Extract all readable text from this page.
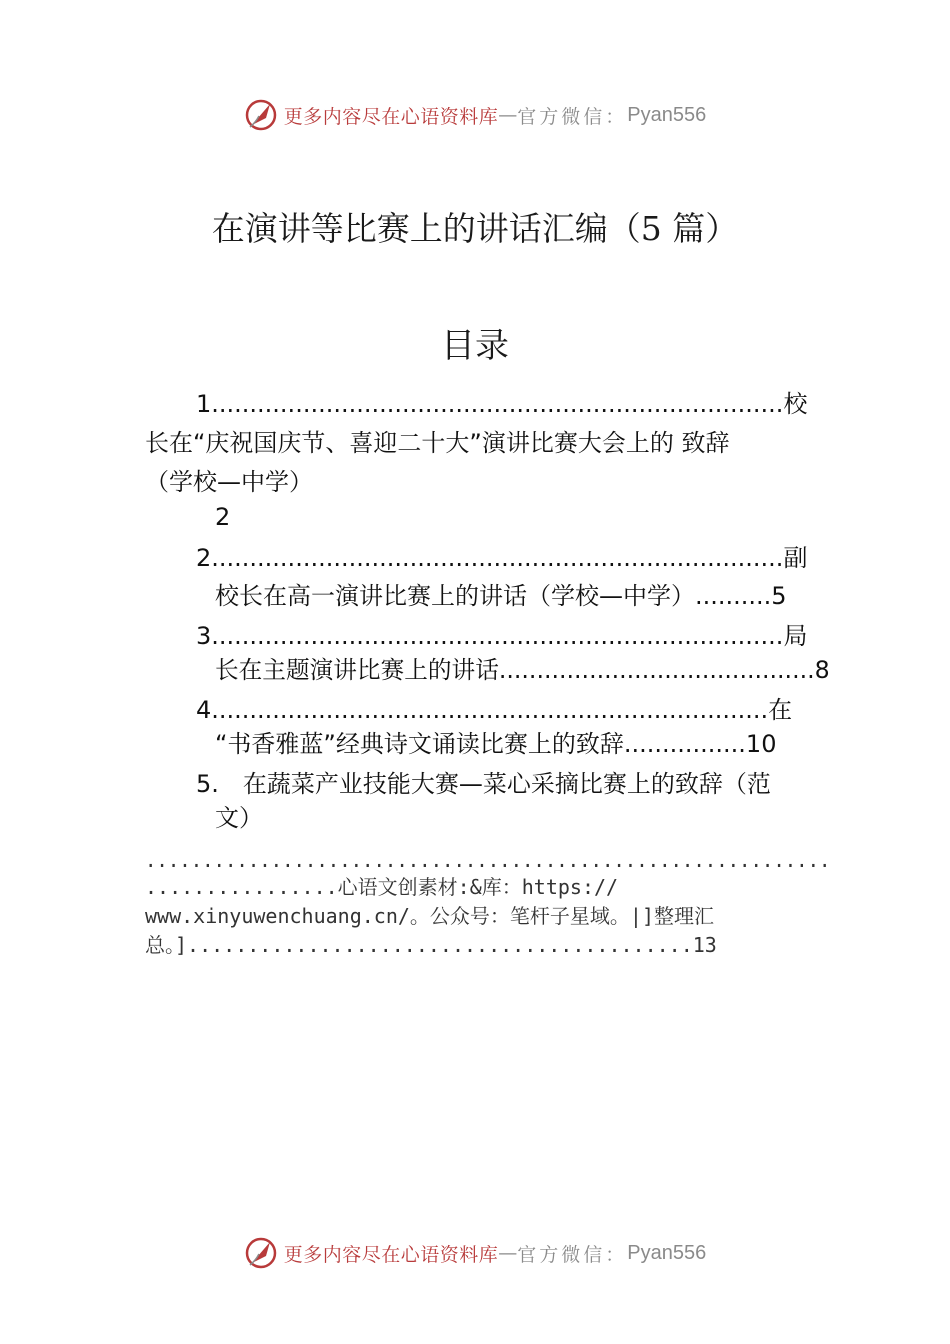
更多内容尽在心语资料库 — 官方微信： Pyan556
在演讲等比赛上的讲话汇编（5 篇）
目录
1...........................................................................校
长在“庆祝国庆节、喜迎二十大”演讲比赛大会上的 致辞
（学校—中学）
2
2...........................................................................副
校长在高一演讲比赛上的讲话（学校—中学）..........5
3...........................................................................局
长在主题演讲比赛上的讲话..........................................8
4.........................................................................在
“书香雅蓝”经典诗文诵读比赛上的致辞................10
5.　在蔬菜产业技能大赛—菜心采摘比赛上的致辞（范
文）
............................................................
................心语文创素材:&库：https://
www.xinyuwenchuang.cn/。公众号：笔杆子星域。|]整理汇
总。]..........................................13
更多内容尽在心语资料库 — 官方微信： Pyan556
